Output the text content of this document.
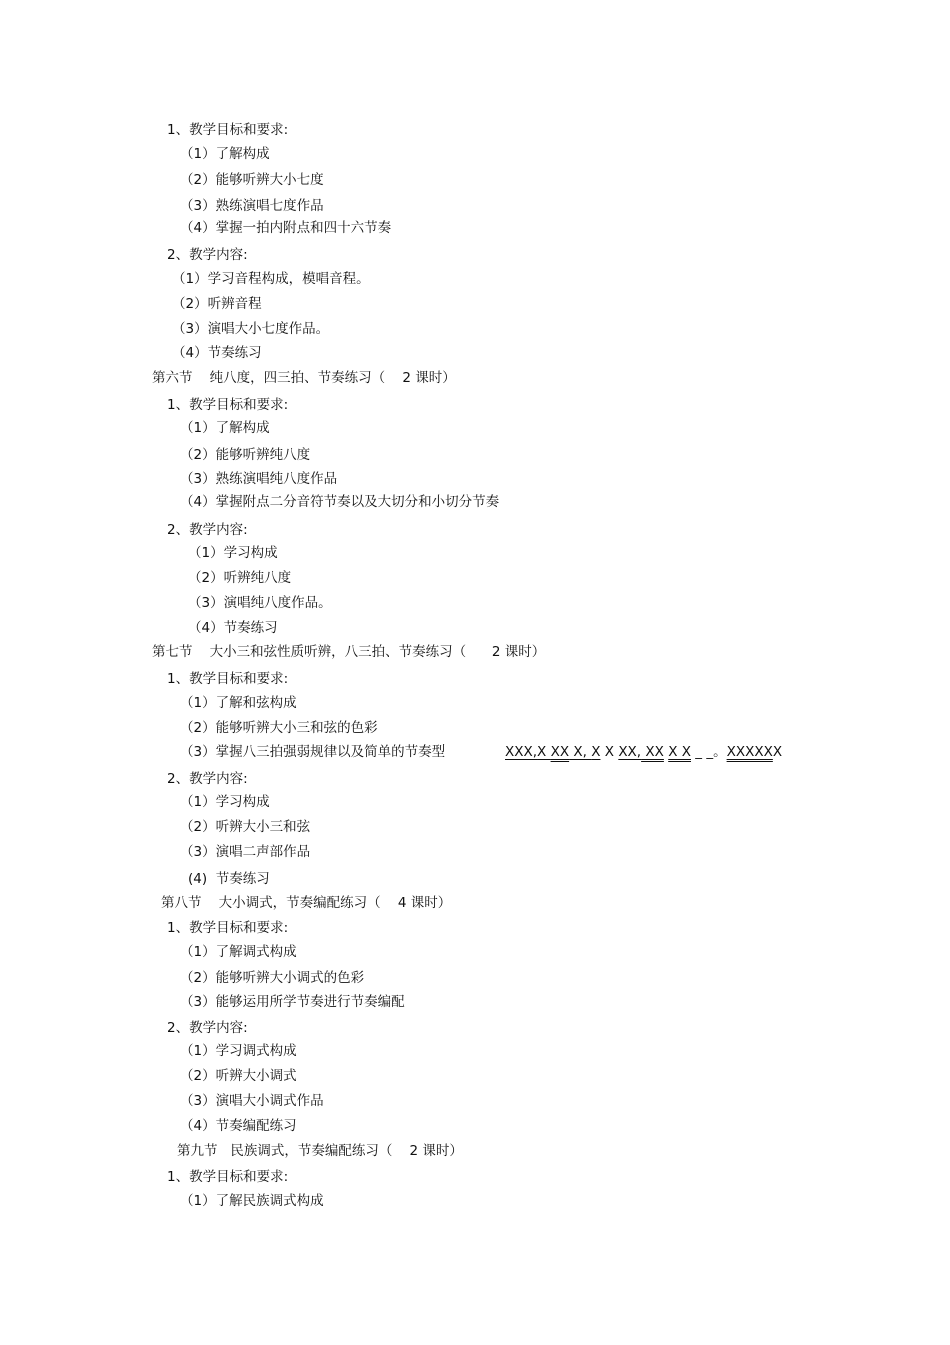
1、教学目标和要求:
（1）了解构成
（2）能够听辨大小七度
（3）熟练演唱七度作品
（4）掌握一拍内附点和四十六节奏
2、教学内容:
（1）学习音程构成，模唱音程。
（2）听辨音程
（3）演唱大小七度作品。
（4）节奏练习
第六节    纯八度，四三拍、节奏练习（    2 课时）
1、教学目标和要求:
（1）了解构成
（2）能够听辨纯八度
（3）熟练演唱纯八度作品
（4）掌握附点二分音符节奏以及大切分和小切分节奏
2、教学内容:
（1）学习构成
（2）听辨纯八度
（3）演唱纯八度作品。
（4）节奏练习
第七节    大小三和弦性质听辨，八三拍、节奏练习（      2 课时）
1、教学目标和要求:
（1）了解和弦构成
（2）能够听辨大小三和弦的色彩
（3）掌握八三拍强弱规律以及简单的节奏型

	XXX,X XX X, X X XX, XX X X _ _。XXXXXX

2、教学内容:
（1）学习构成
（2）听辨大小三和弦
（3）演唱二声部作品
(4)  节奏练习
第八节    大小调式，节奏编配练习（    4 课时）
1、教学目标和要求:
（1）了解调式构成
（2）能够听辨大小调式的色彩
（3）能够运用所学节奏进行节奏编配
2、教学内容:
（1）学习调式构成
（2）听辨大小调式
（3）演唱大小调式作品
（4）节奏编配练习
第九节   民族调式，节奏编配练习（    2 课时）
1、教学目标和要求:
（1）了解民族调式构成
